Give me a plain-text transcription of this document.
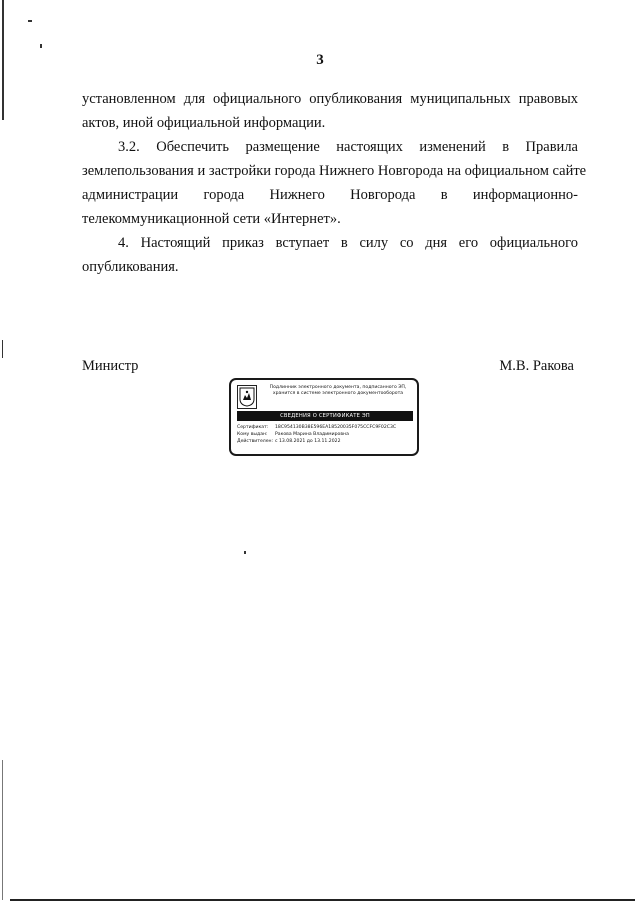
3
установленном для официального опубликования муниципальных правовых
актов, иной официальной информации.
3.2. Обеспечить размещение настоящих изменений в Правила
землепользования и застройки города Нижнего Новгорода на официальном сайте
администрации города Нижнего Новгорода в информационно-
телекоммуникационной сети «Интернет».
4. Настоящий приказ вступает в силу со дня его официального
опубликования.
Министр	М.В. Ракова
Подлинник электронного документа, подписанного ЭП,
хранится в системе электронного документооборота
СВЕДЕНИЯ О СЕРТИФИКАТЕ ЭП
Сертификат:	18C954130B38E596EA18520035F075CCFC9F02C3C
Кому выдан:	Ракова Марина Владимировна
Действителен: с 13.08.2021 до 13.11.2022
